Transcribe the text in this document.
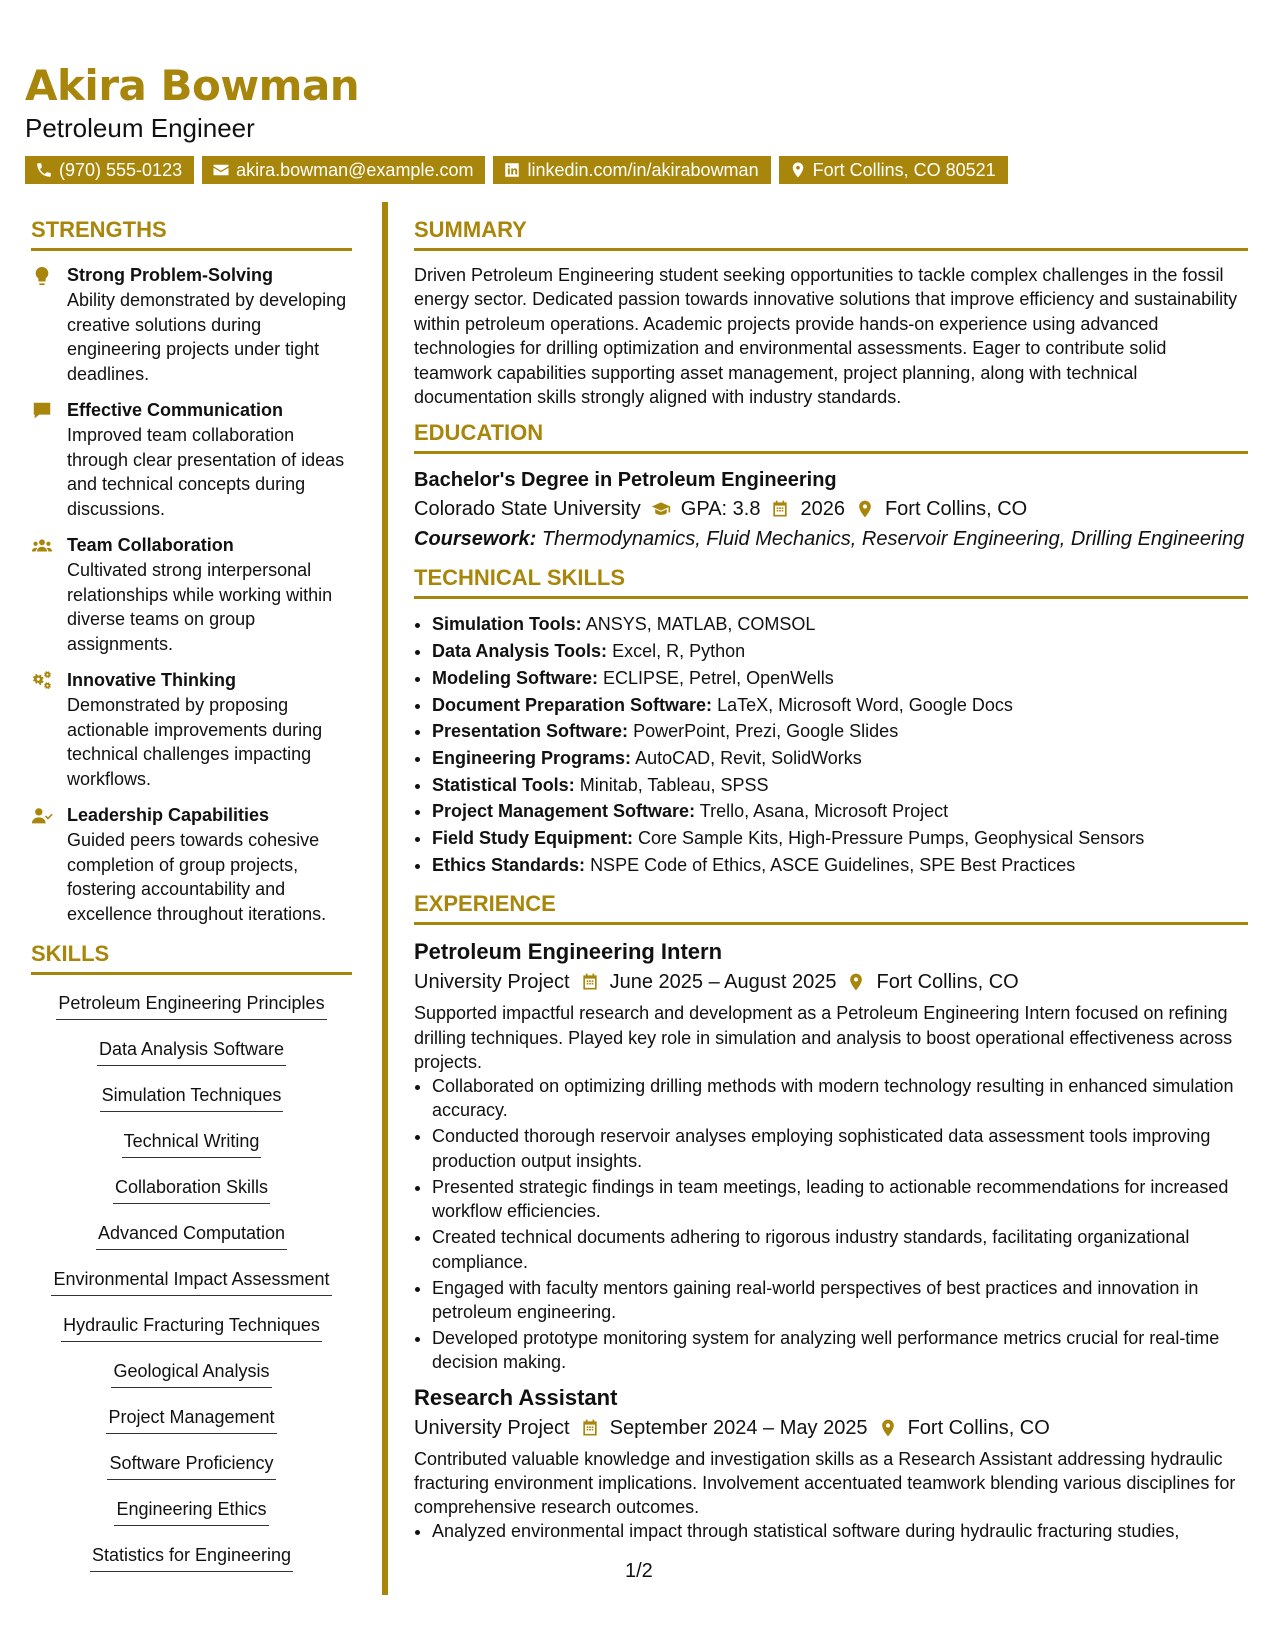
Akira Bowman
Petroleum Engineer
(970) 555-0123	akira.bowman@example.com	linkedin.com/in/akirabowman	Fort Collins, CO 80521
STRENGTHS
Strong Problem-Solving
Ability demonstrated by developing creative solutions during engineering projects under tight deadlines.
Effective Communication
Improved team collaboration through clear presentation of ideas and technical concepts during discussions.
Team Collaboration
Cultivated strong interpersonal relationships while working within diverse teams on group assignments.
Innovative Thinking
Demonstrated by proposing actionable improvements during technical challenges impacting workflows.
Leadership Capabilities
Guided peers towards cohesive completion of group projects, fostering accountability and excellence throughout iterations.
SKILLS
Petroleum Engineering Principles
Data Analysis Software
Simulation Techniques
Technical Writing
Collaboration Skills
Advanced Computation
Environmental Impact Assessment
Hydraulic Fracturing Techniques
Geological Analysis
Project Management
Software Proficiency
Engineering Ethics
Statistics for Engineering
SUMMARY
Driven Petroleum Engineering student seeking opportunities to tackle complex challenges in the fossil energy sector. Dedicated passion towards innovative solutions that improve efficiency and sustainability within petroleum operations. Academic projects provide hands-on experience using advanced technologies for drilling optimization and environmental assessments. Eager to contribute solid teamwork capabilities supporting asset management, project planning, along with technical documentation skills strongly aligned with industry standards.
EDUCATION
Bachelor's Degree in Petroleum Engineering
Colorado State University GPA: 3.8 2026 Fort Collins, CO
Coursework: Thermodynamics, Fluid Mechanics, Reservoir Engineering, Drilling Engineering
TECHNICAL SKILLS
• Simulation Tools: ANSYS, MATLAB, COMSOL
• Data Analysis Tools: Excel, R, Python
• Modeling Software: ECLIPSE, Petrel, OpenWells
• Document Preparation Software: LaTeX, Microsoft Word, Google Docs
• Presentation Software: PowerPoint, Prezi, Google Slides
• Engineering Programs: AutoCAD, Revit, SolidWorks
• Statistical Tools: Minitab, Tableau, SPSS
• Project Management Software: Trello, Asana, Microsoft Project
• Field Study Equipment: Core Sample Kits, High-Pressure Pumps, Geophysical Sensors
• Ethics Standards: NSPE Code of Ethics, ASCE Guidelines, SPE Best Practices
EXPERIENCE
Petroleum Engineering Intern
University Project June 2025 – August 2025 Fort Collins, CO
Supported impactful research and development as a Petroleum Engineering Intern focused on refining drilling techniques. Played key role in simulation and analysis to boost operational effectiveness across projects.
• Collaborated on optimizing drilling methods with modern technology resulting in enhanced simulation accuracy.
• Conducted thorough reservoir analyses employing sophisticated data assessment tools improving production output insights.
• Presented strategic findings in team meetings, leading to actionable recommendations for increased workflow efficiencies.
• Created technical documents adhering to rigorous industry standards, facilitating organizational compliance.
• Engaged with faculty mentors gaining real-world perspectives of best practices and innovation in petroleum engineering.
• Developed prototype monitoring system for analyzing well performance metrics crucial for real-time decision making.
Research Assistant
University Project September 2024 – May 2025 Fort Collins, CO
Contributed valuable knowledge and investigation skills as a Research Assistant addressing hydraulic fracturing environment implications. Involvement accentuated teamwork blending various disciplines for comprehensive research outcomes.
• Analyzed environmental impact through statistical software during hydraulic fracturing studies,
1/2
